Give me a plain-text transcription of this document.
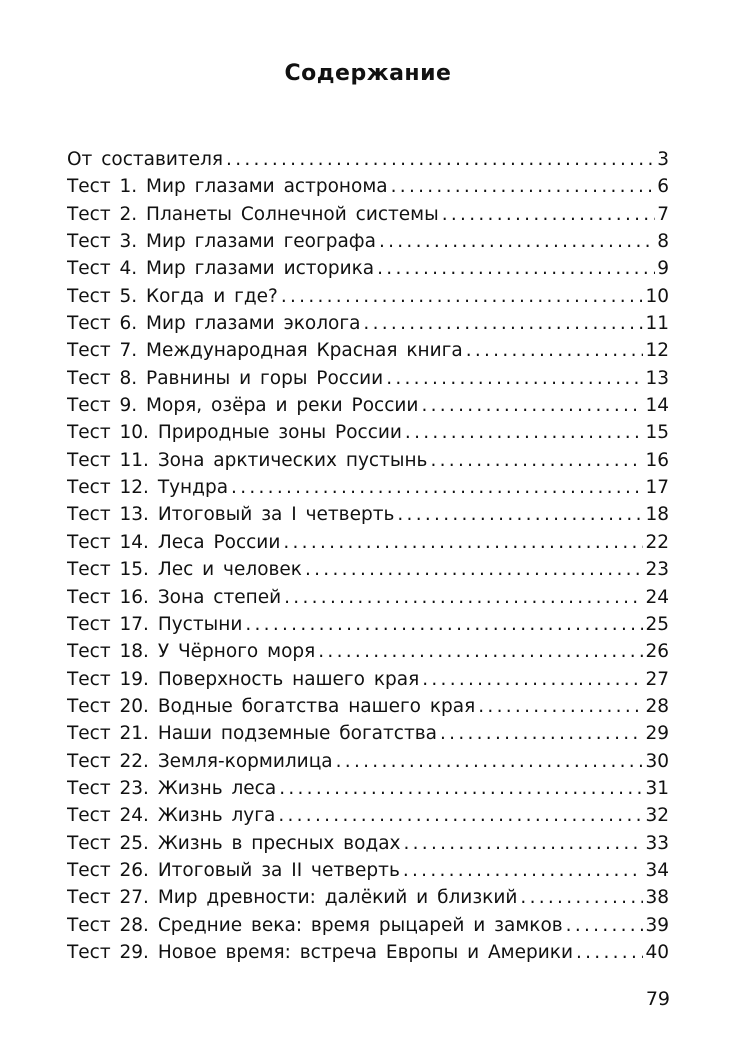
Содержание
От составителя . . .	3
Тест 1. Мир глазами астронома . . .	6
Тест 2. Планеты Солнечной системы . . .	7
Тест 3. Мир глазами географа . . .	8
Тест 4. Мир глазами историка . . .	9
Тест 5. Когда и где? . . .	10
Тест 6. Мир глазами эколога . . .	11
Тест 7. Международная Красная книга . . .	12
Тест 8. Равнины и горы России . . .	13
Тест 9. Моря, озёра и реки России . . .	14
Тест 10. Природные зоны России . . .	15
Тест 11. Зона арктических пустынь . . .	16
Тест 12. Тундра . . .	17
Тест 13. Итоговый за I четверть . . .	18
Тест 14. Леса России . . .	22
Тест 15. Лес и человек . . .	23
Тест 16. Зона степей . . .	24
Тест 17. Пустыни . . .	25
Тест 18. У Чёрного моря . . .	26
Тест 19. Поверхность нашего края . . .	27
Тест 20. Водные богатства нашего края . . .	28
Тест 21. Наши подземные богатства . . .	29
Тест 22. Земля-кормилица . . .	30
Тест 23. Жизнь леса . . .	31
Тест 24. Жизнь луга . . .	32
Тест 25. Жизнь в пресных водах . . .	33
Тест 26. Итоговый за II четверть . . .	34
Тест 27. Мир древности: далёкий и близкий . . .	38
Тест 28. Средние века: время рыцарей и замков . . .	39
Тест 29. Новое время: встреча Европы и Америки . . .	40
79
